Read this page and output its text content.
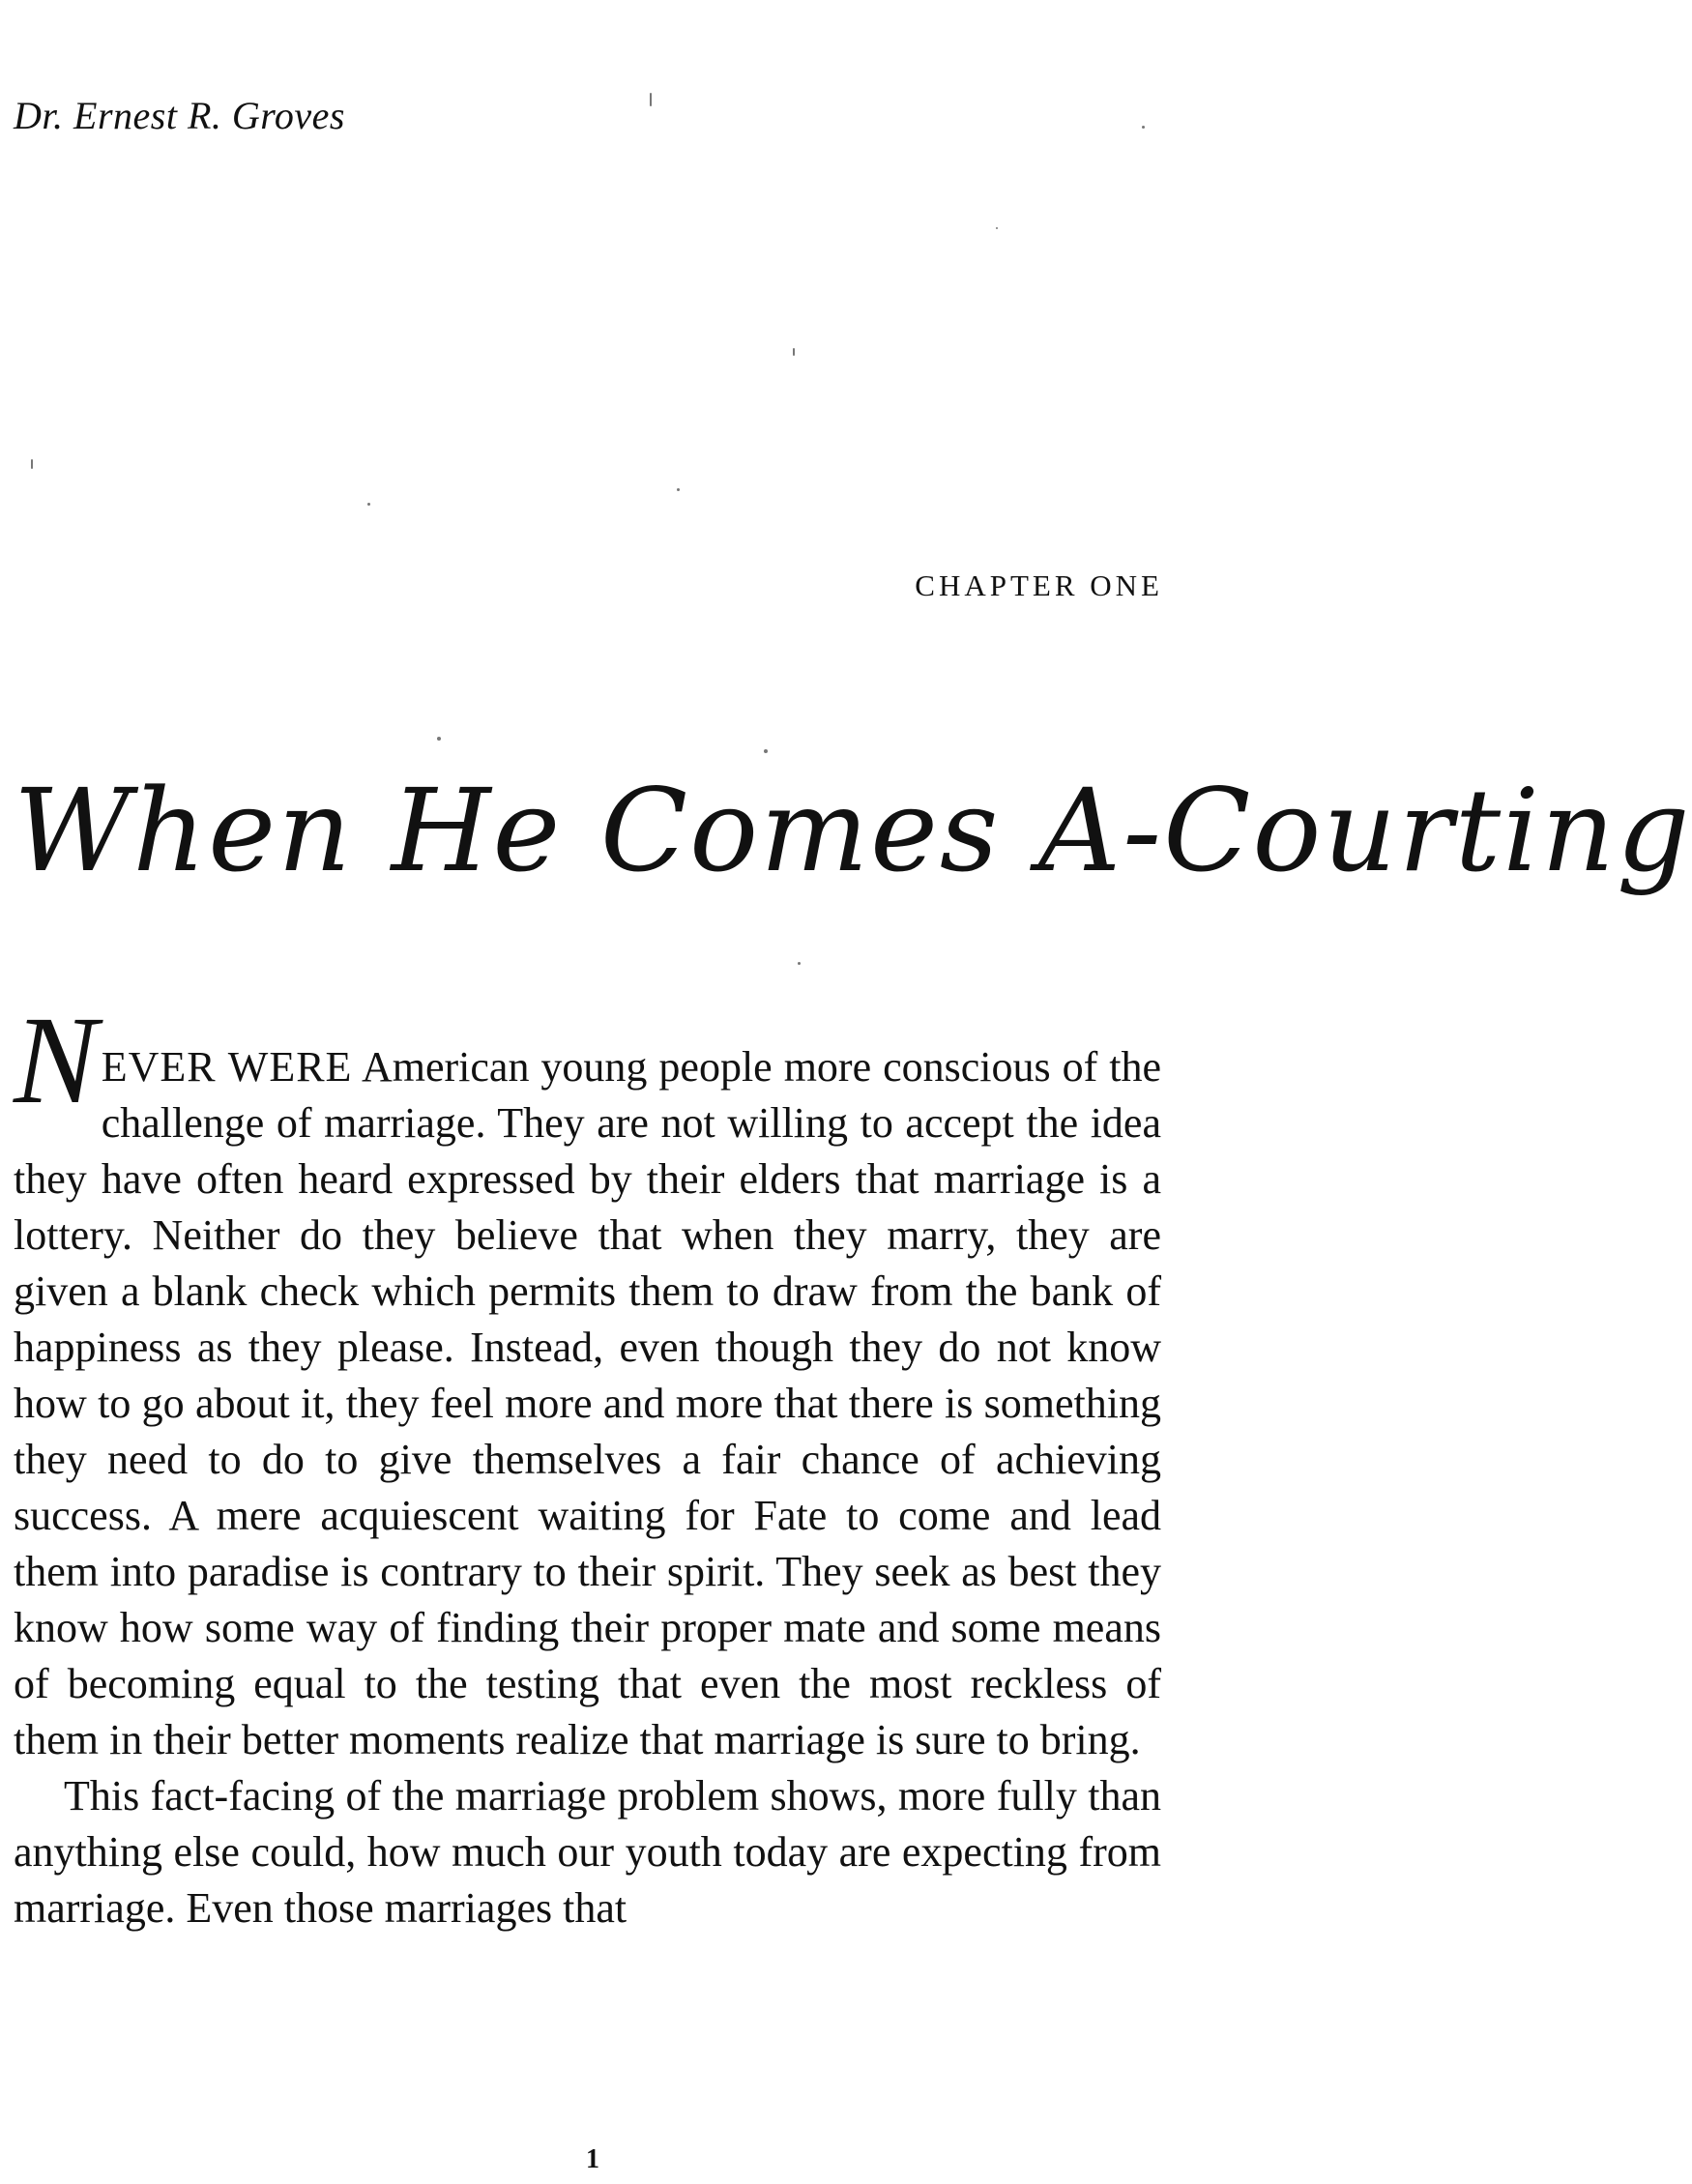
Dr. Ernest R. Groves
CHAPTER ONE
When He Comes A-Courting

NEVER WERE American young people more conscious of the challenge of marriage. They are not willing to accept the idea they have often heard expressed by their elders that marriage is a lottery. Neither do they believe that when they marry, they are given a blank check which permits them to draw from the bank of happiness as they please. Instead, even though they do not know how to go about it, they feel more and more that there is something they need to do to give themselves a fair chance of achieving success. A mere acquiescent waiting for Fate to come and lead them into paradise is contrary to their spirit. They seek as best they know how some way of finding their proper mate and some means of becoming equal to the testing that even the most reckless of them in their better moments realize that marriage is sure to bring.

This fact-facing of the marriage problem shows, more fully than anything else could, how much our youth today are expecting from marriage. Even those marriages that

1
